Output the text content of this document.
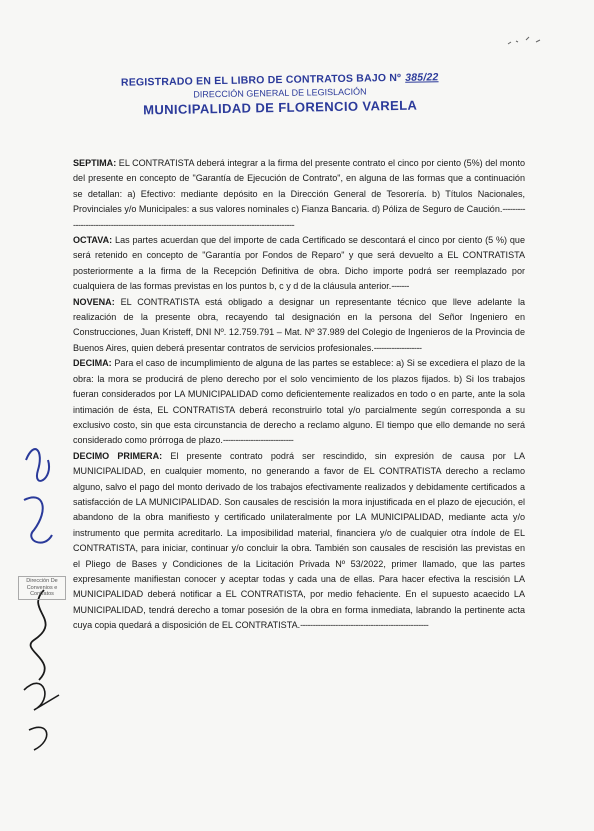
REGISTRADO EN EL LIBRO DE CONTRATOS BAJO Nº 385/22
DIRECCIÓN GENERAL DE LEGISLACIÓN
MUNICIPALIDAD DE FLORENCIO VARELA

SEPTIMA: EL CONTRATISTA deberá integrar a la firma del presente contrato el cinco por ciento (5%) del monto del presente en concepto de "Garantía de Ejecución de Contrato", en alguna de las formas que a continuación se detallan: a) Efectivo: mediante depósito en la Dirección General de Tesorería. b) Títulos Nacionales, Provinciales y/o Municipales: a sus valores nominales c) Fianza Bancaria. d) Póliza de Seguro de Caución.-------------------------------------------------------------------------------------------------

OCTAVA: Las partes acuerdan que del importe de cada Certificado se descontará el cinco por ciento (5 %) que será retenido en concepto de "Garantía por Fondos de Reparo" y que será devuelto a EL CONTRATISTA posteriormente a la firma de la Recepción Definitiva de obra. Dicho importe podrá ser reemplazado por cualquiera de las formas previstas en los puntos b, c y d de la cláusula anterior.-------

NOVENA: EL CONTRATISTA está obligado a designar un representante técnico que lleve adelante la realización de la presente obra, recayendo tal designación en la persona del Señor Ingeniero en Construcciones, Juan Kristeff, DNI Nº. 12.759.791 – Mat. Nº 37.989 del Colegio de Ingenieros de la Provincia de Buenos Aires, quien deberá presentar contratos de servicios profesionales.-------------------

DECIMA: Para el caso de incumplimiento de alguna de las partes se establece: a) Si se excediera el plazo de la obra: la mora se producirá de pleno derecho por el solo vencimiento de los plazos fijados. b) Si los trabajos fueran considerados por LA MUNICIPALIDAD como deficientemente realizados en todo o en parte, ante la sola intimación de ésta, EL CONTRATISTA deberá reconstruirlo total y/o parcialmente según corresponda a su exclusivo costo, sin que esta circunstancia de derecho a reclamo alguno. El tiempo que ello demande no será considerado como prórroga de plazo.----------------------------

DECIMO PRIMERA: El presente contrato podrá ser rescindido, sin expresión de causa por LA MUNICIPALIDAD, en cualquier momento, no generando a favor de EL CONTRATISTA derecho a reclamo alguno, salvo el pago del monto derivado de los trabajos efectivamente realizados y debidamente certificados a satisfacción de LA MUNICIPALIDAD. Son causales de rescisión la mora injustificada en el plazo de ejecución, el abandono de la obra manifiesto y certificado unilateralmente por LA MUNICIPALIDAD, mediante acta y/o instrumento que permita acreditarlo. La imposibilidad material, financiera y/o de cualquier otra índole de EL CONTRATISTA, para iniciar, continuar y/o concluir la obra. También son causales de rescisión las previstas en el Pliego de Bases y Condiciones de la Licitación Privada Nº 53/2022, primer llamado, que las partes expresamente manifiestan conocer y aceptar todas y cada una de ellas. Para hacer efectiva la rescisión LA MUNICIPALIDAD deberá notificar a EL CONTRATISTA, por medio fehaciente. En el supuesto acaecido LA MUNICIPALIDAD, tendrá derecho a tomar posesión de la obra en forma inmediata, labrando la pertinente acta cuya copia quedará a disposición de EL CONTRATISTA.---------------------------------------------------

Dirección De Convenios e Contratos
